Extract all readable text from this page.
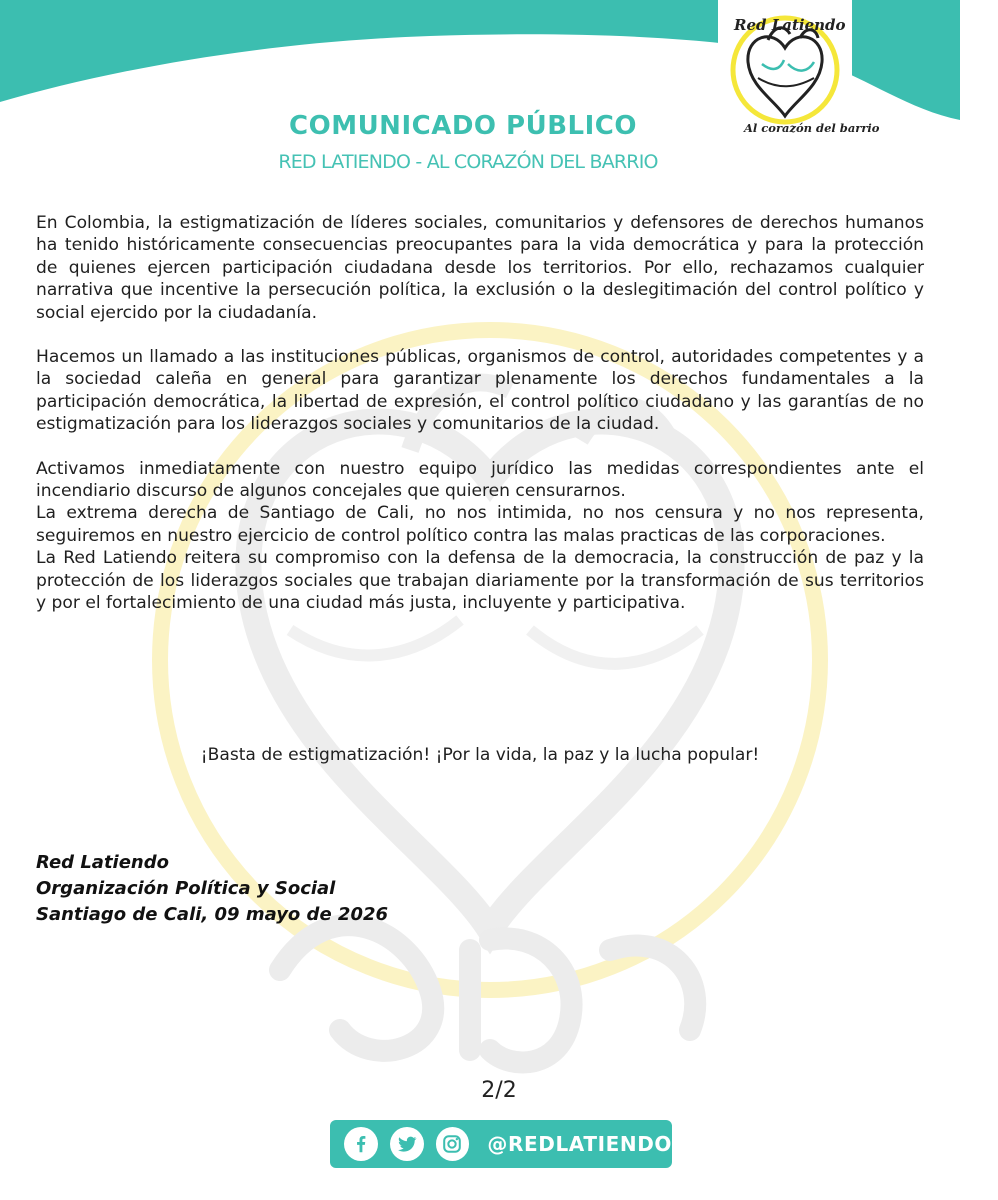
Red Latiendo
Al corazón del barrio
COMUNICADO PÚBLICO
RED LATIENDO - AL CORAZÓN DEL BARRIO

En Colombia, la estigmatización de líderes sociales, comunitarios y defensores de derechos humanos ha tenido históricamente consecuencias preocupantes para la vida democrática y para la protección de quienes ejercen participación ciudadana desde los territorios. Por ello, rechazamos cualquier narrativa que incentive la persecución política, la exclusión o la deslegitimación del control político y social ejercido por la ciudadanía.

Hacemos un llamado a las instituciones públicas, organismos de control, autoridades competentes y a la sociedad caleña en general para garantizar plenamente los derechos fundamentales a la participación democrática, la libertad de expresión, el control político ciudadano y las garantías de no estigmatización para los liderazgos sociales y comunitarios de la ciudad.

Activamos inmediatamente con nuestro equipo jurídico las medidas correspondientes ante el incendiario discurso de algunos concejales que quieren censurarnos.

La extrema derecha de Santiago de Cali, no nos intimida, no nos censura y no nos representa, seguiremos en nuestro ejercicio de control político contra las malas practicas de las corporaciones.

La Red Latiendo reitera su compromiso con la defensa de la democracia, la construcción de paz y la protección de los liderazgos sociales que trabajan diariamente por la transformación de sus territorios y por el fortalecimiento de una ciudad más justa, incluyente y participativa.

¡Basta de estigmatización! ¡Por la vida, la paz y la lucha popular!
Red Latiendo
Organización Política y Social
Santiago de Cali, 09 mayo de 2026
2/2
@REDLATIENDO
